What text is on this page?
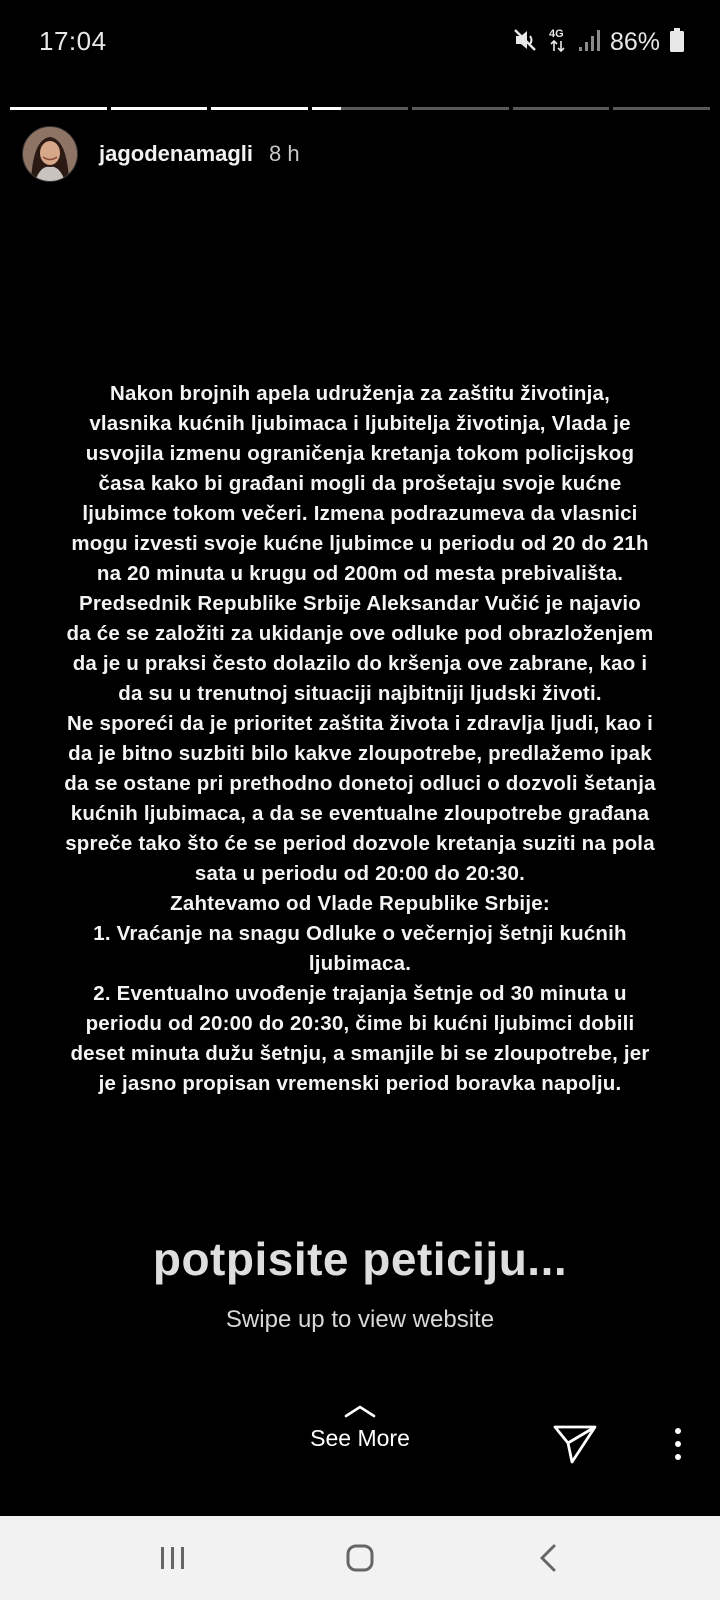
17:04	4G 86%
jagodenamagli 8 h
Nakon brojnih apela udruženja za zaštitu životinja,
vlasnika kućnih ljubimaca i ljubitelja životinja, Vlada je
usvojila izmenu ograničenja kretanja tokom policijskog
časa kako bi građani mogli da prošetaju svoje kućne
ljubimce tokom večeri. Izmena podrazumeva da vlasnici
mogu izvesti svoje kućne ljubimce u periodu od 20 do 21h
na 20 minuta u krugu od 200m od mesta prebivališta.
Predsednik Republike Srbije Aleksandar Vučić je najavio
da će se založiti za ukidanje ove odluke pod obrazloženjem
da je u praksi često dolazilo do kršenja ove zabrane, kao i
da su u trenutnoj situaciji najbitniji ljudski životi.
Ne sporeći da je prioritet zaštita života i zdravlja ljudi, kao i
da je bitno suzbiti bilo kakve zloupotrebe, predlažemo ipak
da se ostane pri prethodno donetoj odluci o dozvoli šetanja
kućnih ljubimaca, a da se eventualne zloupotrebe građana
spreče tako što će se period dozvole kretanja suziti na pola
sata u periodu od 20:00 do 20:30.
Zahtevamo od Vlade Republike Srbije:
1. Vraćanje na snagu Odluke o večernjoj šetnji kućnih
ljubimaca.
2. Eventualno uvođenje trajanja šetnje od 30 minuta u
periodu od 20:00 do 20:30, čime bi kućni ljubimci dobili
deset minuta dužu šetnju, a smanjile bi se zloupotrebe, jer
je jasno propisan vremenski period boravka napolju.
potpisite peticiju...
Swipe up to view website
See More
